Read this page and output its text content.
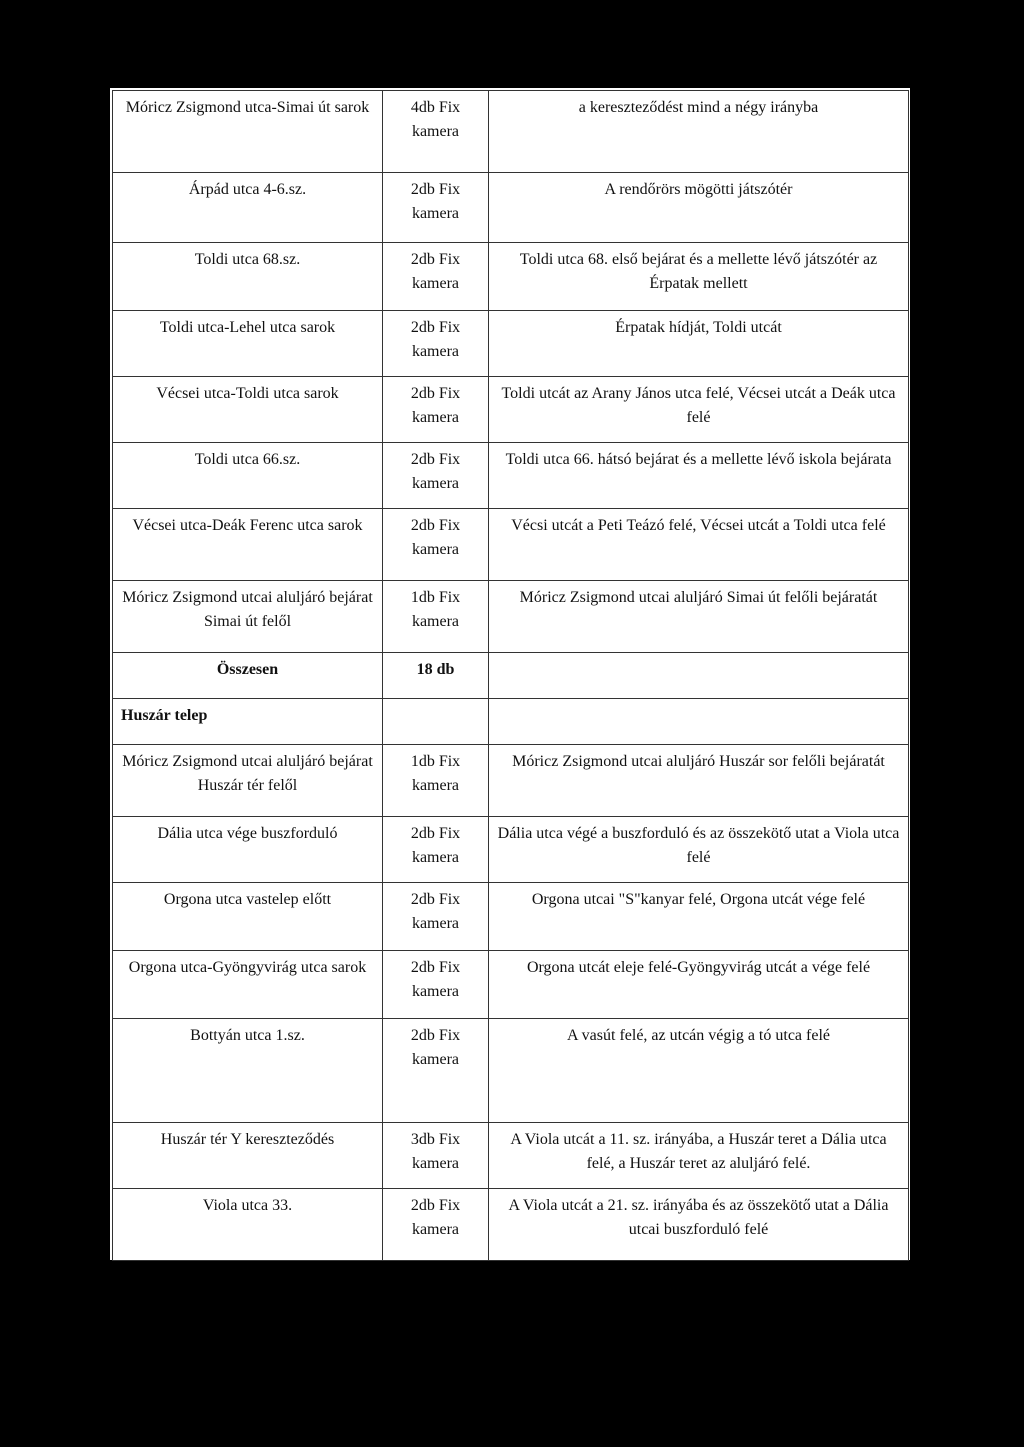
Móricz Zsigmond utca-Simai út sarok	4db Fix kamera	a kereszteződést mind a négy irányba
Árpád utca 4-6.sz.	2db Fix kamera	A rendőrörs mögötti játszótér
Toldi utca 68.sz.	2db Fix kamera	Toldi utca 68. első bejárat és a mellette lévő játszótér az Érpatak mellett
Toldi utca-Lehel utca sarok	2db Fix kamera	Érpatak hídját, Toldi utcát
Vécsei utca-Toldi utca sarok	2db Fix kamera	Toldi utcát az Arany János utca felé, Vécsei utcát a Deák utca felé
Toldi utca 66.sz.	2db Fix kamera	Toldi utca 66. hátsó bejárat és a mellette lévő iskola bejárata
Vécsei utca-Deák Ferenc utca sarok	2db Fix kamera	Vécsi utcát a Peti Teázó felé, Vécsei utcát a Toldi utca felé
Móricz Zsigmond utcai aluljáró bejárat Simai út felől	1db Fix kamera	Móricz Zsigmond utcai aluljáró Simai út felőli bejáratát
Összesen	18 db	
Huszár telep		
Móricz Zsigmond utcai aluljáró bejárat Huszár tér felől	1db Fix kamera	Móricz Zsigmond utcai aluljáró Huszár sor felőli bejáratát
Dália utca vége buszforduló	2db Fix kamera	Dália utca végé a buszforduló és az összekötő utat a Viola utca felé
Orgona utca vastelep előtt	2db Fix kamera	Orgona utcai "S"kanyar felé, Orgona utcát vége felé
Orgona utca-Gyöngyvirág utca sarok	2db Fix kamera	Orgona utcát eleje felé-Gyöngyvirág utcát a vége felé
Bottyán utca 1.sz.	2db Fix kamera	A vasút felé, az utcán végig a tó utca felé
Huszár tér Y kereszteződés	3db Fix kamera	A Viola utcát a 11. sz. irányába, a Huszár teret a Dália utca felé, a Huszár teret az aluljáró felé.
Viola utca 33.	2db Fix kamera	A Viola utcát a 21. sz. irányába és az összekötő utat a Dália utcai buszforduló felé
